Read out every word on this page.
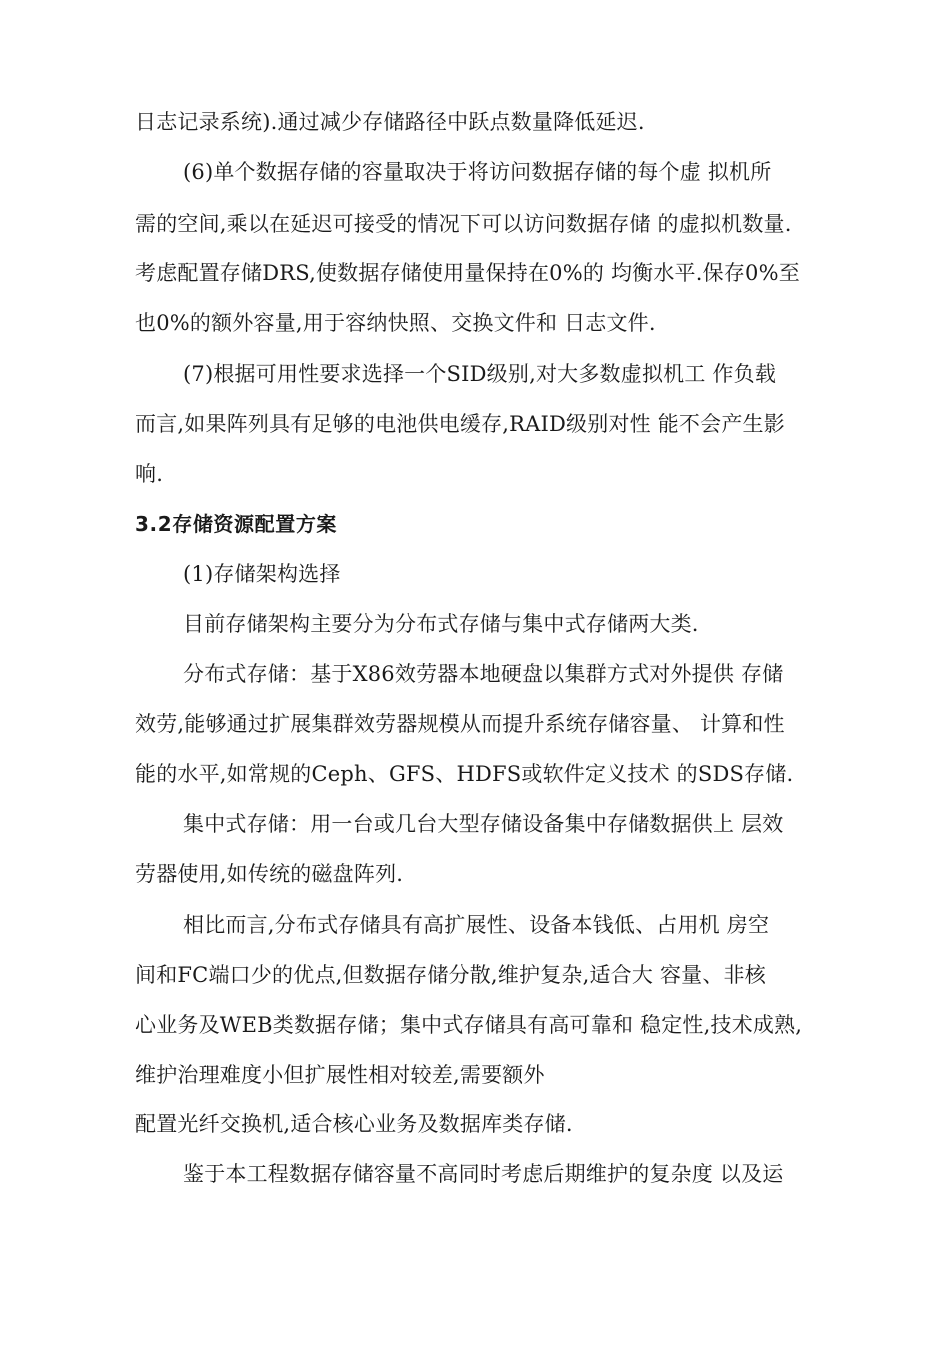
日志记录系统).通过减少存储路径中跃点数量降低延迟.
(6)单个数据存储的容量取决于将访问数据存储的每个虚 拟机所
需的空间,乘以在延迟可接受的情况下可以访问数据存储 的虚拟机数量.
考虑配置存储DRS,使数据存储使用量保持在0%的 均衡水平.保存0%至
也0%的额外容量,用于容纳快照、交换文件和 日志文件.
(7)根据可用性要求选择一个SID级别,对大多数虚拟机工 作负载
而言,如果阵列具有足够的电池供电缓存,RAID级别对性 能不会产生影
响.
3.2存储资源配置方案
(1)存储架构选择
目前存储架构主要分为分布式存储与集中式存储两大类.
分布式存储：基于X86效劳器本地硬盘以集群方式对外提供 存储
效劳,能够通过扩展集群效劳器规模从而提升系统存储容量、 计算和性
能的水平,如常规的Ceph、GFS、HDFS或软件定义技术 的SDS存储.
集中式存储：用一台或几台大型存储设备集中存储数据供上 层效
劳器使用,如传统的磁盘阵列.
相比而言,分布式存储具有高扩展性、设备本钱低、占用机 房空
间和FC端口少的优点,但数据存储分散,维护复杂,适合大 容量、非核
心业务及WEB类数据存储；集中式存储具有高可靠和 稳定性,技术成熟,
维护治理难度小但扩展性相对较差,需要额外
配置光纤交换机,适合核心业务及数据库类存储.
鉴于本工程数据存储容量不高同时考虑后期维护的复杂度 以及运
